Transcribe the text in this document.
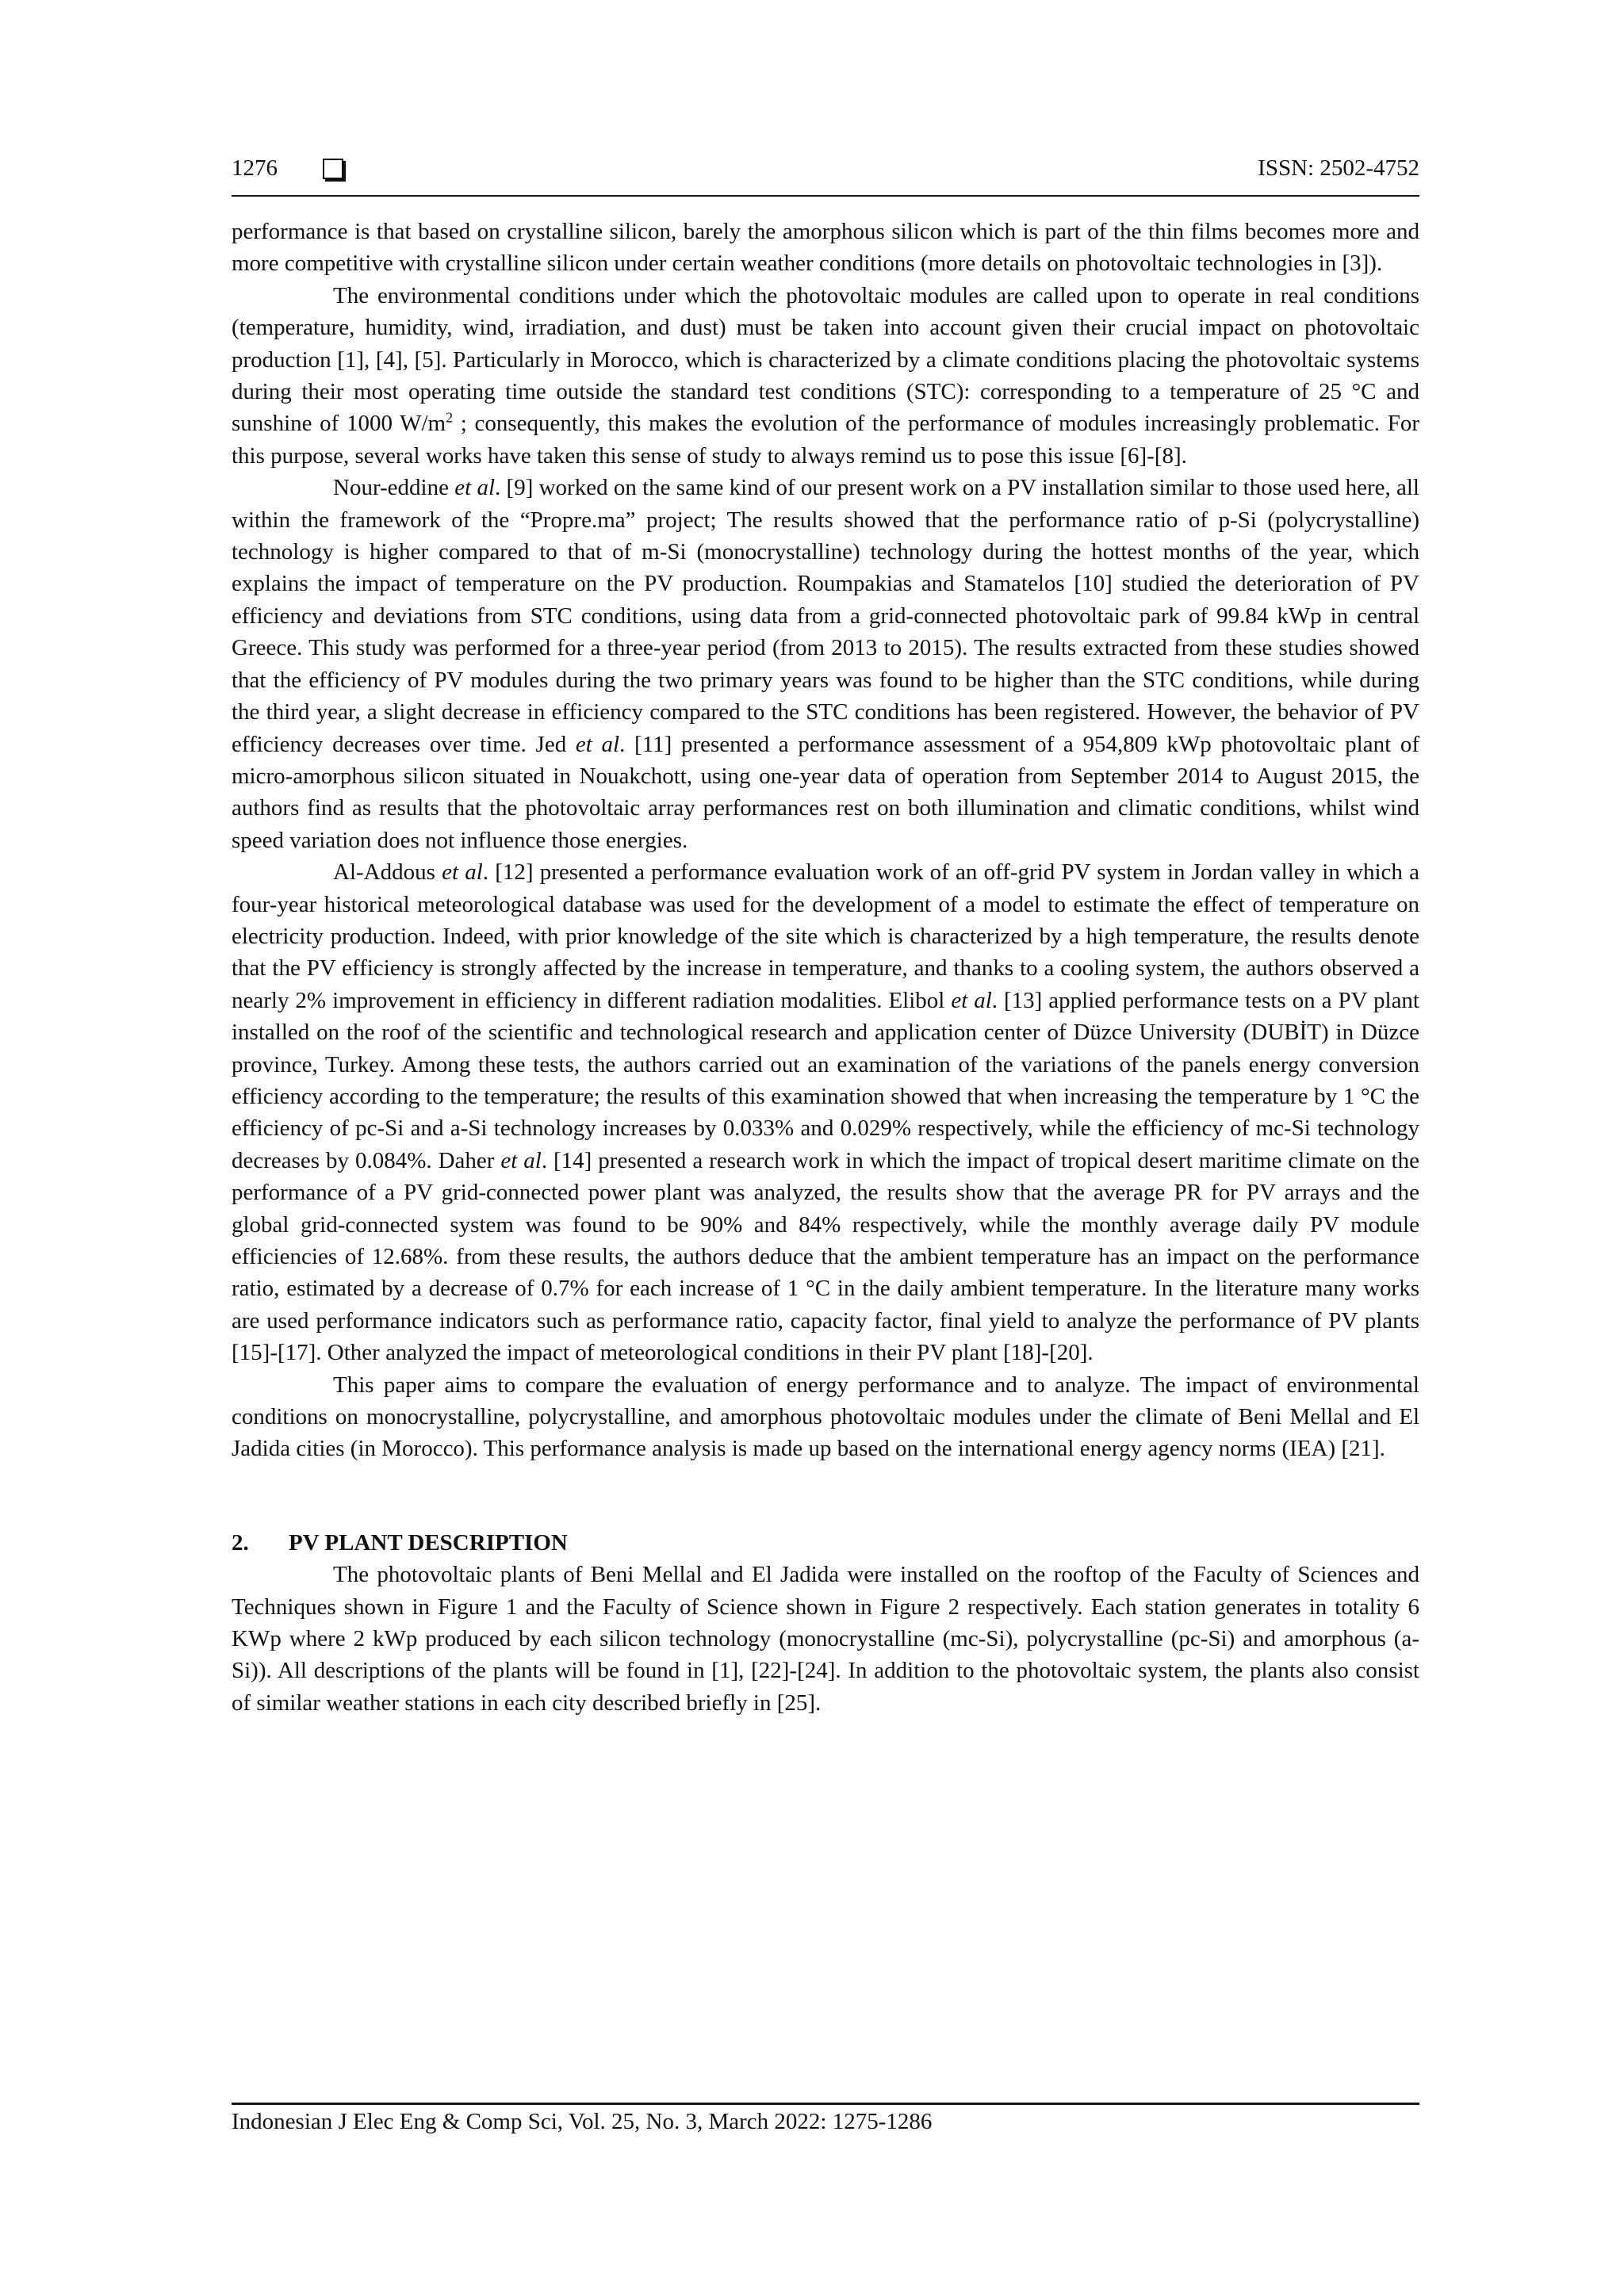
1276	ISSN: 2502-4752

performance is that based on crystalline silicon, barely the amorphous silicon which is part of the thin films becomes more and more competitive with crystalline silicon under certain weather conditions (more details on photovoltaic technologies in [3]).

The environmental conditions under which the photovoltaic modules are called upon to operate in real conditions (temperature, humidity, wind, irradiation, and dust) must be taken into account given their crucial impact on photovoltaic production [1], [4], [5]. Particularly in Morocco, which is characterized by a climate conditions placing the photovoltaic systems during their most operating time outside the standard test conditions (STC): corresponding to a temperature of 25 °C and sunshine of 1000 $W/m^2$ ; consequently, this makes the evolution of the performance of modules increasingly problematic. For this purpose, several works have taken this sense of study to always remind us to pose this issue [6]-[8].

Nour-eddine et al. [9] worked on the same kind of our present work on a PV installation similar to those used here, all within the framework of the “Propre.ma” project; The results showed that the performance ratio of p-Si (polycrystalline) technology is higher compared to that of m-Si (monocrystalline) technology during the hottest months of the year, which explains the impact of temperature on the PV production. Roumpakias and Stamatelos [10] studied the deterioration of PV efficiency and deviations from STC conditions, using data from a grid-connected photovoltaic park of 99.84 kWp in central Greece. This study was performed for a three-year period (from 2013 to 2015). The results extracted from these studies showed that the efficiency of PV modules during the two primary years was found to be higher than the STC conditions, while during the third year, a slight decrease in efficiency compared to the STC conditions has been registered. However, the behavior of PV efficiency decreases over time. Jed et al. [11] presented a performance assessment of a 954,809 kWp photovoltaic plant of micro-amorphous silicon situated in Nouakchott, using one-year data of operation from September 2014 to August 2015, the authors find as results that the photovoltaic array performances rest on both illumination and climatic conditions, whilst wind speed variation does not influence those energies.

Al-Addous et al. [12] presented a performance evaluation work of an off-grid PV system in Jordan valley in which a four-year historical meteorological database was used for the development of a model to estimate the effect of temperature on electricity production. Indeed, with prior knowledge of the site which is characterized by a high temperature, the results denote that the PV efficiency is strongly affected by the increase in temperature, and thanks to a cooling system, the authors observed a nearly 2% improvement in efficiency in different radiation modalities. Elibol et al. [13] applied performance tests on a PV plant installed on the roof of the scientific and technological research and application center of Düzce University (DUBİT) in Düzce province, Turkey. Among these tests, the authors carried out an examination of the variations of the panels energy conversion efficiency according to the temperature; the results of this examination showed that when increasing the temperature by 1 °C the efficiency of pc-Si and a-Si technology increases by 0.033% and 0.029% respectively, while the efficiency of mc-Si technology decreases by 0.084%. Daher et al. [14] presented a research work in which the impact of tropical desert maritime climate on the performance of a PV grid-connected power plant was analyzed, the results show that the average PR for PV arrays and the global grid-connected system was found to be 90% and 84% respectively, while the monthly average daily PV module efficiencies of 12.68%. from these results, the authors deduce that the ambient temperature has an impact on the performance ratio, estimated by a decrease of 0.7% for each increase of 1 °C in the daily ambient temperature. In the literature many works are used performance indicators such as performance ratio, capacity factor, final yield to analyze the performance of PV plants [15]-[17]. Other analyzed the impact of meteorological conditions in their PV plant [18]-[20].

This paper aims to compare the evaluation of energy performance and to analyze. The impact of environmental conditions on monocrystalline, polycrystalline, and amorphous photovoltaic modules under the climate of Beni Mellal and El Jadida cities (in Morocco). This performance analysis is made up based on the international energy agency norms (IEA) [21].

2. PV PLANT DESCRIPTION

The photovoltaic plants of Beni Mellal and El Jadida were installed on the rooftop of the Faculty of Sciences and Techniques shown in Figure 1 and the Faculty of Science shown in Figure 2 respectively. Each station generates in totality 6 KWp where 2 kWp produced by each silicon technology (monocrystalline (mc-Si), polycrystalline (pc-Si) and amorphous (a-Si)). All descriptions of the plants will be found in [1], [22]-[24]. In addition to the photovoltaic system, the plants also consist of similar weather stations in each city described briefly in [25].

Indonesian J Elec Eng & Comp Sci, Vol. 25, No. 3, March 2022: 1275-1286
